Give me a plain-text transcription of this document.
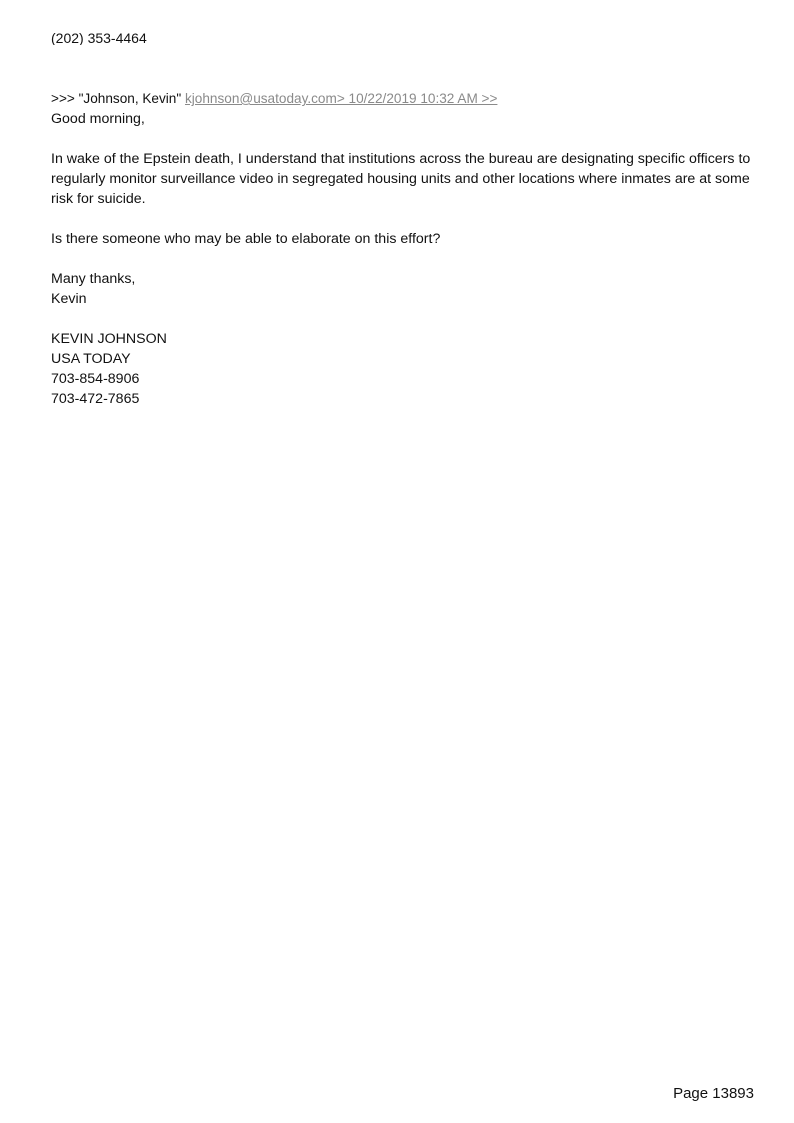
(202) 353-4464
>>> "Johnson, Kevin" kjohnson@usatoday.com> 10/22/2019 10:32 AM >>

Good morning,

In wake of the Epstein death, I understand that institutions across the bureau are designating specific officers to regularly monitor surveillance video in segregated housing units and other locations where inmates are at some risk for suicide.

Is there someone who may be able to elaborate on this effort?

Many thanks,
Kevin
KEVIN JOHNSON
USA TODAY
703-854-8906
703-472-7865
Page 13893
